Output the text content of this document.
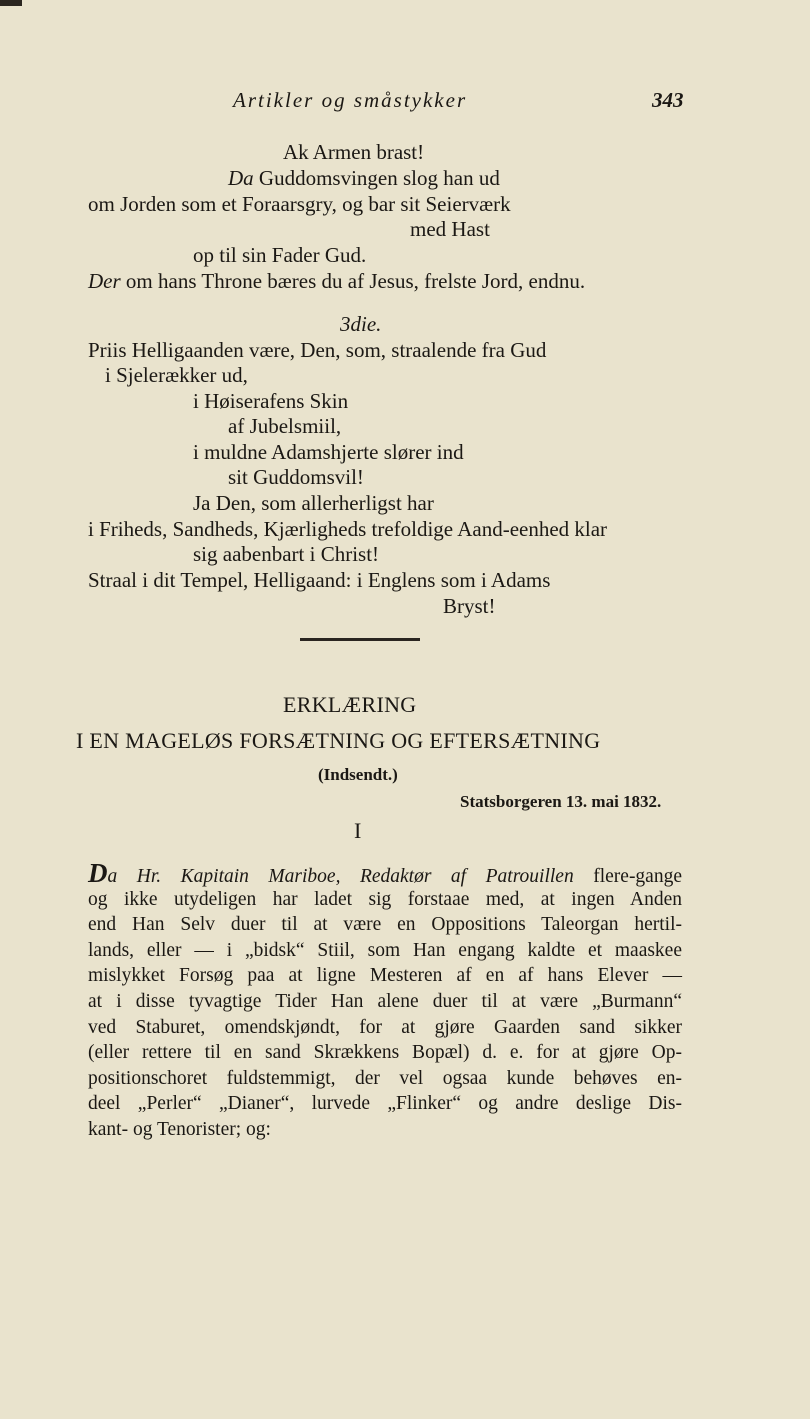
Artikler og småstykker	343
Ak Armen brast!
Da Guddomsvingen slog han ud
om Jorden som et Foraarsgry, og bar sit Seierværk
med Hast
op til sin Fader Gud.
Der om hans Throne bæres du af Jesus, frelste Jord, endnu.
3die.
Priis Helligaanden være, Den, som, straalende fra Gud
i Sjelerækker ud,
i Høiserafens Skin
af Jubelsmiil,
i muldne Adamshjerte slører ind
sit Guddomsvil!
Ja Den, som allerherligst har
i Friheds, Sandheds, Kjærligheds trefoldige Aand-eenhed klar
sig aabenbart i Christ!
Straal i dit Tempel, Helligaand: i Englens som i Adams
Bryst!
ERKLÆRING
I EN MAGELØS FORSÆTNING OG EFTERSÆTNING
(Indsendt.)
Statsborgeren 13. mai 1832.
I
Da Hr. Kapitain Mariboe, Redaktør af Patrouillen flere-gange
og ikke utydeligen har ladet sig forstaae med, at ingen Anden
end Han Selv duer til at være en Oppositions Taleorgan hertil-
lands, eller — i „bidsk“ Stiil, som Han engang kaldte et maaskee
mislykket Forsøg paa at ligne Mesteren af en af hans Elever —
at i disse tyvagtige Tider Han alene duer til at være „Burmann“
ved Staburet, omendskjøndt, for at gjøre Gaarden sand sikker
(eller rettere til en sand Skrækkens Bopæl) d. e. for at gjøre Op-
positionschoret fuldstemmigt, der vel ogsaa kunde behøves en-
deel „Perler“ „Dianer“, lurvede „Flinker“ og andre deslige Dis-
kant- og Tenorister; og:
